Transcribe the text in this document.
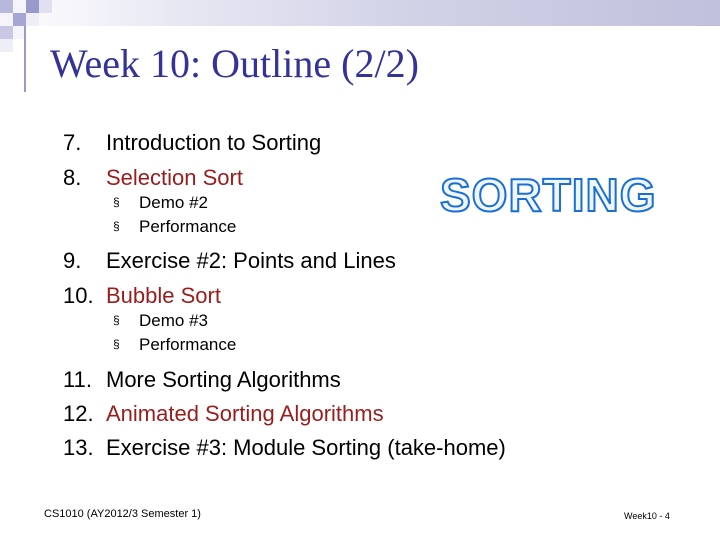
Week 10: Outline (2/2)
7. Introduction to Sorting
8. Selection Sort
§ Demo #2
§ Performance
9. Exercise #2: Points and Lines
10. Bubble Sort
§ Demo #3
§ Performance
11. More Sorting Algorithms
12. Animated Sorting Algorithms
13. Exercise #3: Module Sorting (take-home)
SORTING
CS1010 (AY2012/3 Semester 1)	Week10 - 4
